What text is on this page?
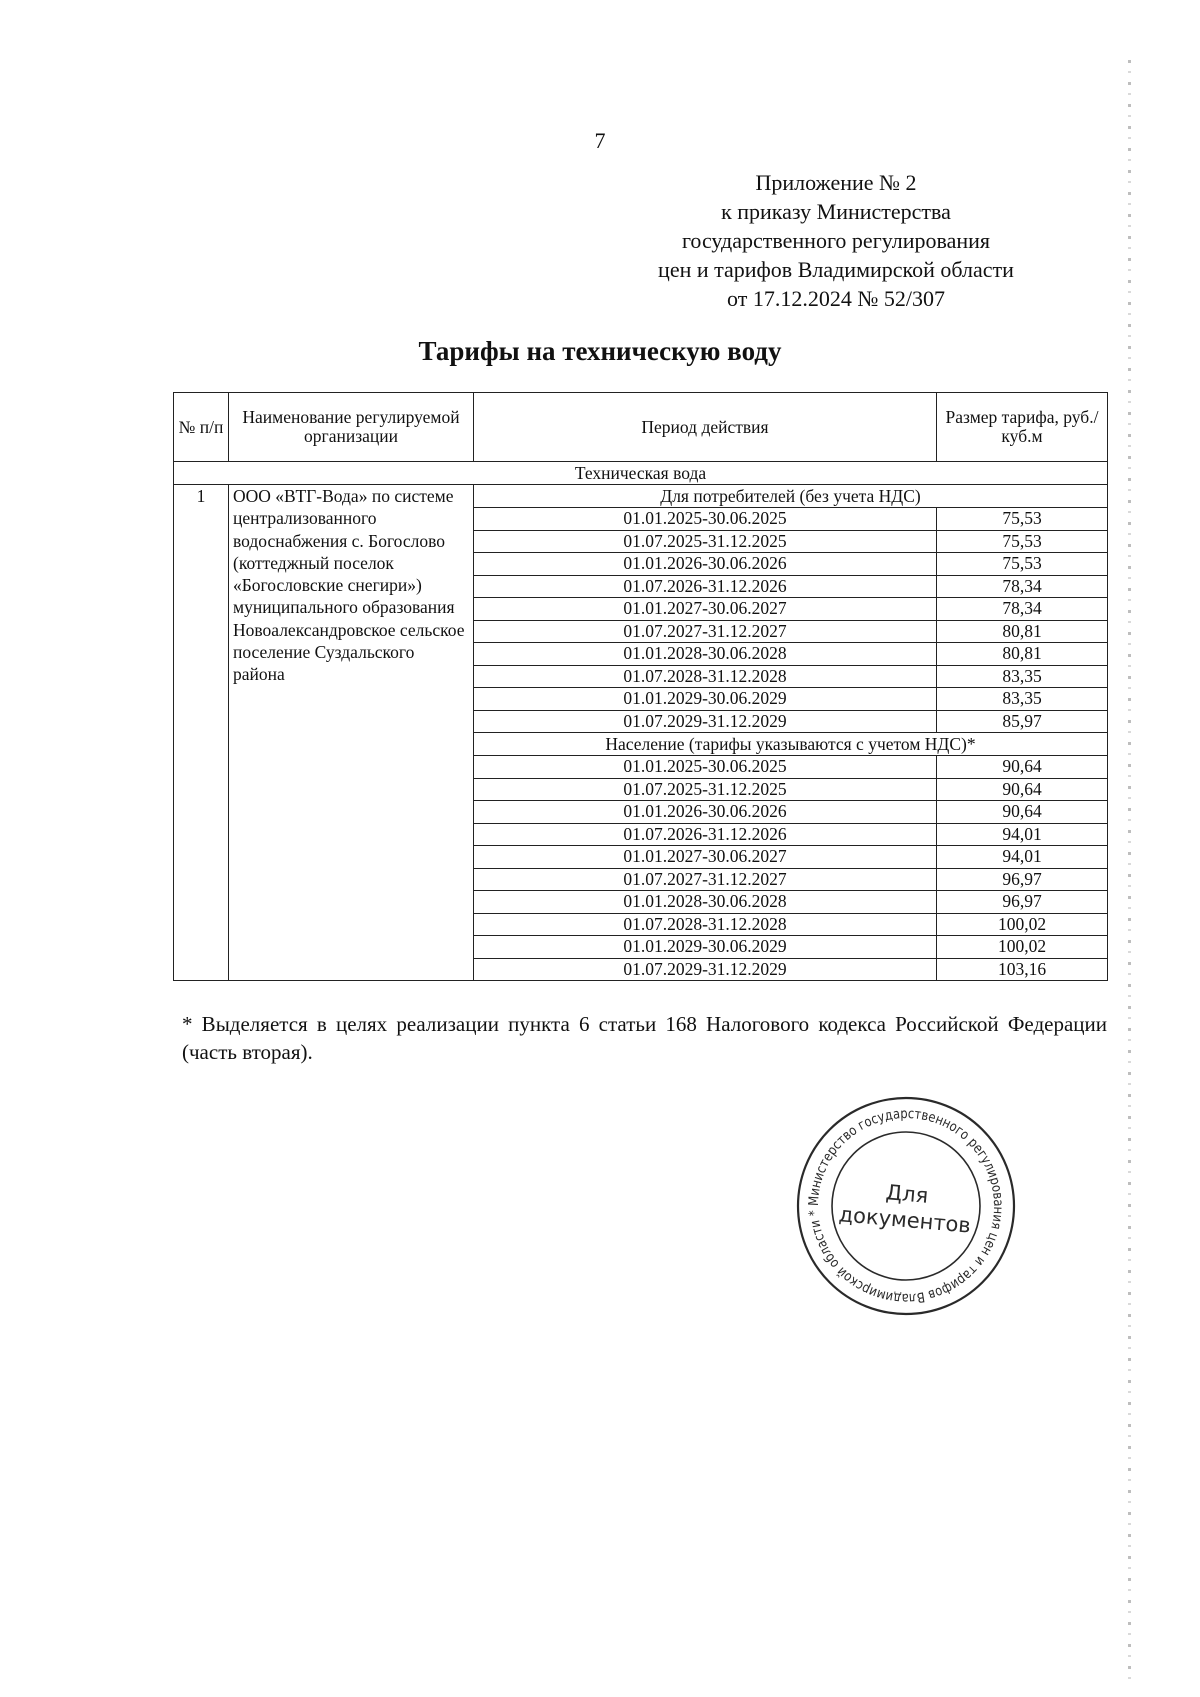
7
Приложение № 2
к приказу Министерства
государственного регулирования
цен и тарифов Владимирской области
от 17.12.2024 № 52/307
Тарифы на техническую воду
№ п/п	Наименование регулируемой организации	Период действия	Размер тарифа, руб./куб.м
Техническая вода			
1	ООО «ВТГ-Вода» по системе централизованного водоснабжения с. Богослово (коттеджный поселок «Богословские снегири») муниципального образования Новоалександровское сельское поселение Суздальского района	Для потребителей (без учета НДС)	
		01.01.2025-30.06.2025	75,53
		01.07.2025-31.12.2025	75,53
		01.01.2026-30.06.2026	75,53
		01.07.2026-31.12.2026	78,34
		01.01.2027-30.06.2027	78,34
		01.07.2027-31.12.2027	80,81
		01.01.2028-30.06.2028	80,81
		01.07.2028-31.12.2028	83,35
		01.01.2029-30.06.2029	83,35
		01.07.2029-31.12.2029	85,97
		Население (тарифы указываются с учетом НДС)*	
		01.01.2025-30.06.2025	90,64
		01.07.2025-31.12.2025	90,64
		01.01.2026-30.06.2026	90,64
		01.07.2026-31.12.2026	94,01
		01.01.2027-30.06.2027	94,01
		01.07.2027-31.12.2027	96,97
		01.01.2028-30.06.2028	96,97
		01.07.2028-31.12.2028	100,02
		01.01.2029-30.06.2029	100,02
		01.07.2029-31.12.2029	103,16
* Выделяется в целях реализации пункта 6 статьи 168 Налогового кодекса Российской Федерации (часть вторая).
Министерство государственного регулирования цен и тарифов Владимирской области *
Для
документов
